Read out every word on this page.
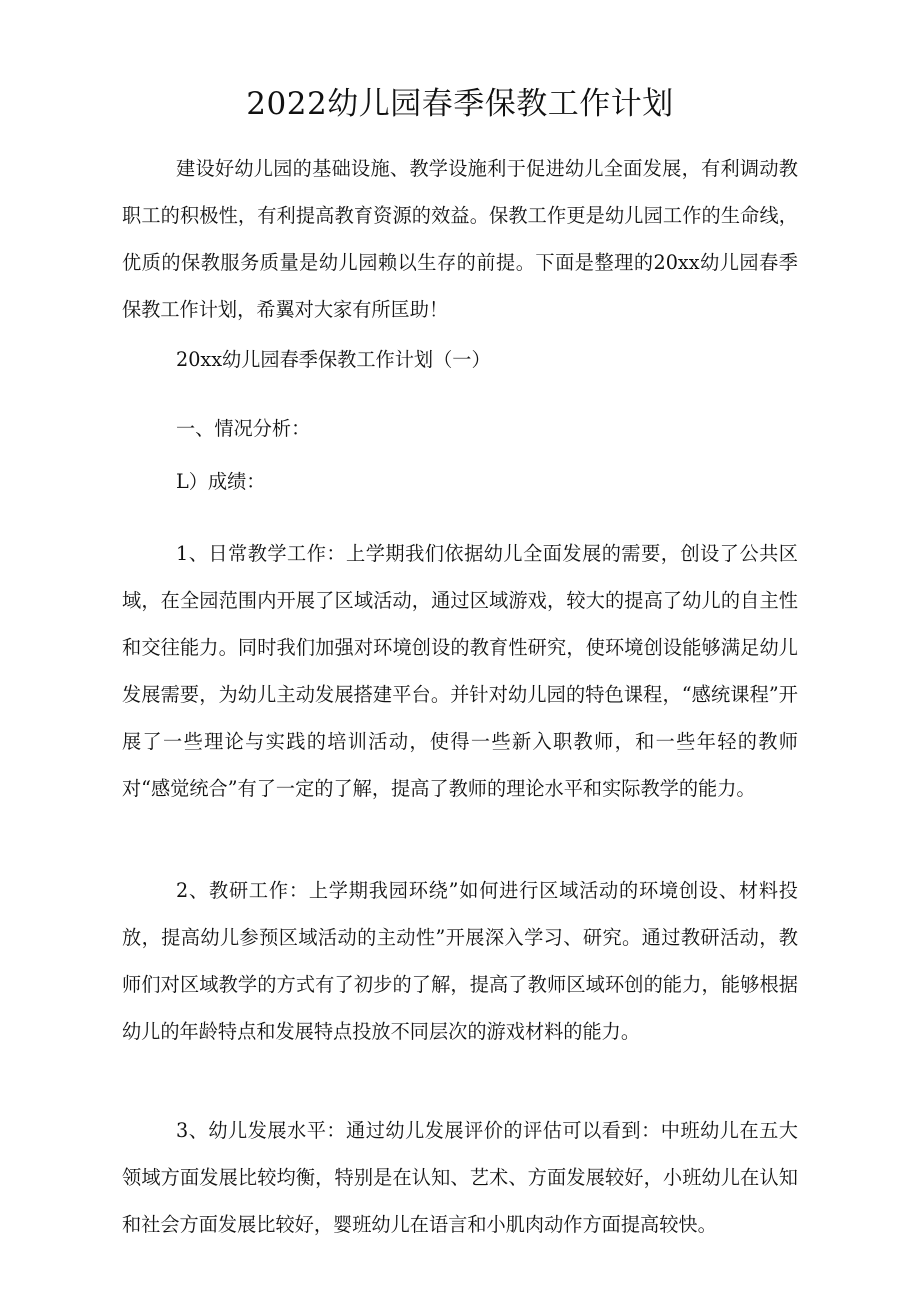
2022幼儿园春季保教工作计划

建设好幼儿园的基础设施、教学设施利于促进幼儿全面发展，有利调动教职工的积极性，有利提高教育资源的效益。保教工作更是幼儿园工作的生命线，优质的保教服务质量是幼儿园赖以生存的前提。下面是整理的20xx幼儿园春季保教工作计划，希翼对大家有所匡助！

20xx幼儿园春季保教工作计划（一）
一、情况分析：
L）成绩：

1、日常教学工作：上学期我们依据幼儿全面发展的需要，创设了公共区域，在全园范围内开展了区域活动，通过区域游戏，较大的提高了幼儿的自主性和交往能力。同时我们加强对环境创设的教育性研究，使环境创设能够满足幼儿发展需要，为幼儿主动发展搭建平台。并针对幼儿园的特色课程，“感统课程”开展了一些理论与实践的培训活动，使得一些新入职教师，和一些年轻的教师对“感觉统合”有了一定的了解，提高了教师的理论水平和实际教学的能力。

2、教研工作：上学期我园环绕”如何进行区域活动的环境创设、材料投放，提高幼儿参预区域活动的主动性”开展深入学习、研究。通过教研活动，教师们对区域教学的方式有了初步的了解，提高了教师区域环创的能力，能够根据幼儿的年龄特点和发展特点投放不同层次的游戏材料的能力。

3、幼儿发展水平：通过幼儿发展评价的评估可以看到：中班幼儿在五大领域方面发展比较均衡，特别是在认知、艺术、方面发展较好，小班幼儿在认知和社会方面发展比较好，婴班幼儿在语言和小肌肉动作方面提高较快。
